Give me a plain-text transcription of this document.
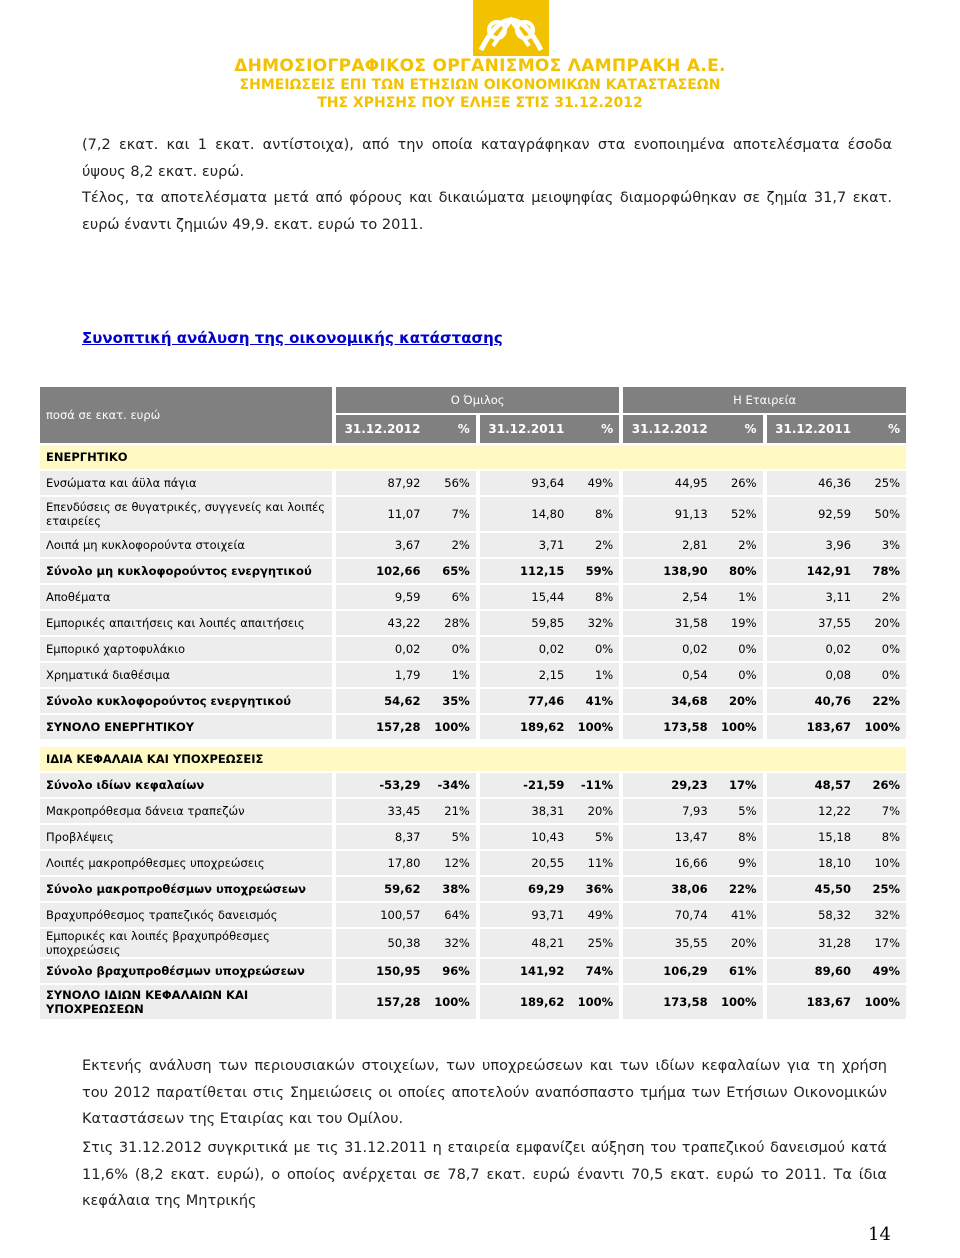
ΔΗΜΟΣΙΟΓΡΑΦΙΚΟΣ ΟΡΓΑΝΙΣΜΟΣ ΛΑΜΠΡΑΚΗ Α.Ε.
ΣΗΜΕΙΩΣΕΙΣ ΕΠΙ ΤΩΝ ΕΤΗΣΙΩΝ ΟΙΚΟΝΟΜΙΚΩΝ ΚΑΤΑΣΤΑΣΕΩΝ
ΤΗΣ ΧΡΗΣΗΣ ΠΟΥ ΕΛΗΞΕ ΣΤΙΣ 31.12.2012
(7,2 εκατ. και 1 εκατ. αντίστοιχα), από την οποία καταγράφηκαν στα ενοποιημένα αποτελέσματα έσοδα ύψους 8,2 εκατ. ευρώ.
Τέλος, τα αποτελέσματα μετά από φόρους και δικαιώματα μειοψηφίας διαμορφώθηκαν σε ζημία 31,7 εκατ. ευρώ έναντι ζημιών 49,9. εκατ. ευρώ το 2011.
Συνοπτική ανάλυση της οικονομικής κατάστασης
ποσά σε εκατ. ευρώ		Ο Όμιλος						Η Εταιρεία				
		31.12.2012	%		31.12.2011	%		31.12.2012	%		31.12.2011	%
ΕΝΕΡΓΗΤΙΚΟ												
Ενσώματα και άϋλα πάγια		87,92	56%		93,64	49%		44,95	26%		46,36	25%
Επενδύσεις σε θυγατρικές, συγγενείς και λοιπές εταιρείες		11,07	7%		14,80	8%		91,13	52%		92,59	50%
Λοιπά μη κυκλοφορούντα στοιχεία		3,67	2%		3,71	2%		2,81	2%		3,96	3%
Σύνολο μη κυκλοφορούντος ενεργητικού		102,66	65%		112,15	59%		138,90	80%		142,91	78%
Αποθέματα		9,59	6%		15,44	8%		2,54	1%		3,11	2%
Εμπορικές απαιτήσεις και λοιπές απαιτήσεις		43,22	28%		59,85	32%		31,58	19%		37,55	20%
Εμπορικό χαρτοφυλάκιο		0,02	0%		0,02	0%		0,02	0%		0,02	0%
Χρηματικά διαθέσιμα		1,79	1%		2,15	1%		0,54	0%		0,08	0%
Σύνολο κυκλοφορούντος ενεργητικού		54,62	35%		77,46	41%		34,68	20%		40,76	22%
ΣΥΝΟΛΟ ΕΝΕΡΓΗΤΙΚΟΥ		157,28	100%		189,62	100%		173,58	100%		183,67	100%

ΙΔΙΑ ΚΕΦΑΛΑΙΑ ΚΑΙ ΥΠΟΧΡΕΩΣΕΙΣ												
Σύνολο ιδίων κεφαλαίων		-53,29	-34%		-21,59	-11%		29,23	17%		48,57	26%
Μακροπρόθεσμα δάνεια τραπεζών		33,45	21%		38,31	20%		7,93	5%		12,22	7%
Προβλέψεις		8,37	5%		10,43	5%		13,47	8%		15,18	8%
Λοιπές μακροπρόθεσμες υποχρεώσεις		17,80	12%		20,55	11%		16,66	9%		18,10	10%
Σύνολο μακροπροθέσμων υποχρεώσεων		59,62	38%		69,29	36%		38,06	22%		45,50	25%
Βραχυπρόθεσμος τραπεζικός δανεισμός		100,57	64%		93,71	49%		70,74	41%		58,32	32%
Εμπορικές και λοιπές βραχυπρόθεσμες υποχρεώσεις		50,38	32%		48,21	25%		35,55	20%		31,28	17%
Σύνολο βραχυπροθέσμων υποχρεώσεων		150,95	96%		141,92	74%		106,29	61%		89,60	49%
ΣΥΝΟΛΟ ΙΔΙΩΝ ΚΕΦΑΛΑΙΩΝ ΚΑΙ ΥΠΟΧΡΕΩΣΕΩΝ		157,28	100%		189,62	100%		173,58	100%		183,67	100%
Εκτενής ανάλυση των περιουσιακών στοιχείων, των υποχρεώσεων και των ιδίων κεφαλαίων για τη χρήση του 2012 παρατίθεται στις Σημειώσεις οι οποίες αποτελούν αναπόσπαστο τμήμα των Ετήσιων Οικονομικών Καταστάσεων της Εταιρίας και του Ομίλου.
Στις 31.12.2012 συγκριτικά με τις 31.12.2011 η εταιρεία εμφανίζει αύξηση του τραπεζικού δανεισμού κατά 11,6% (8,2 εκατ. ευρώ), ο οποίος ανέρχεται σε 78,7 εκατ. ευρώ έναντι 70,5 εκατ. ευρώ το 2011. Τα ίδια κεφάλαια της Μητρικής
14
